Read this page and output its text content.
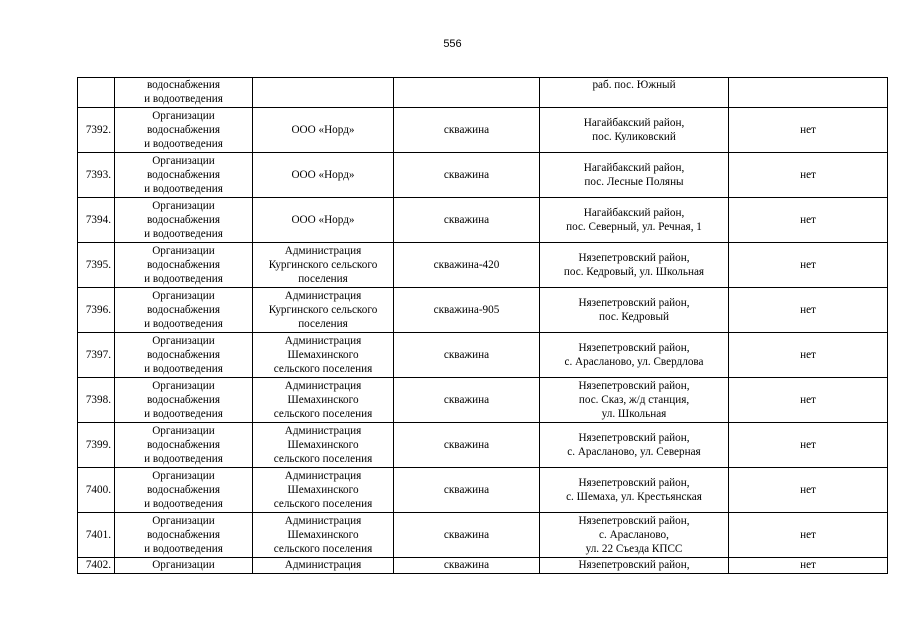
556

	водоснабжения
и водоотведения			раб. пос. Южный	

7392.	Организации
водоснабжения
и водоотведения	ООО «Норд»	скважина	Нагайбакский район,
пос. Куликовский	нет
7393.	Организации
водоснабжения
и водоотведения	ООО «Норд»	скважина	Нагайбакский район,
пос. Лесные Поляны	нет
7394.	Организации
водоснабжения
и водоотведения	ООО «Норд»	скважина	Нагайбакский район,
пос. Северный, ул. Речная, 1	нет
7395.	Организации
водоснабжения
и водоотведения	Администрация
Кургинского сельского
поселения	скважина-420	Нязепетровский район,
пос. Кедровый, ул. Школьная	нет
7396.	Организации
водоснабжения
и водоотведения	Администрация
Кургинского сельского
поселения	скважина-905	Нязепетровский район,
пос. Кедровый	нет
7397.	Организации
водоснабжения
и водоотведения	Администрация
Шемахинского
сельского поселения	скважина	Нязепетровский район,
с. Арасланово, ул. Свердлова	нет
7398.	Организации
водоснабжения
и водоотведения	Администрация
Шемахинского
сельского поселения	скважина	Нязепетровский район,
пос. Сказ, ж/д станция,
ул. Школьная	нет
7399.	Организации
водоснабжения
и водоотведения	Администрация
Шемахинского
сельского поселения	скважина	Нязепетровский район,
с. Арасланово, ул. Северная	нет
7400.	Организации
водоснабжения
и водоотведения	Администрация
Шемахинского
сельского поселения	скважина	Нязепетровский район,
с. Шемаха, ул. Крестьянская	нет
7401.	Организации
водоснабжения
и водоотведения	Администрация
Шемахинского
сельского поселения	скважина	Нязепетровский район,
с. Арасланово,
ул. 22 Съезда КПСС	нет
7402.	Организации	Администрация	скважина	Нязепетровский район,	нет
